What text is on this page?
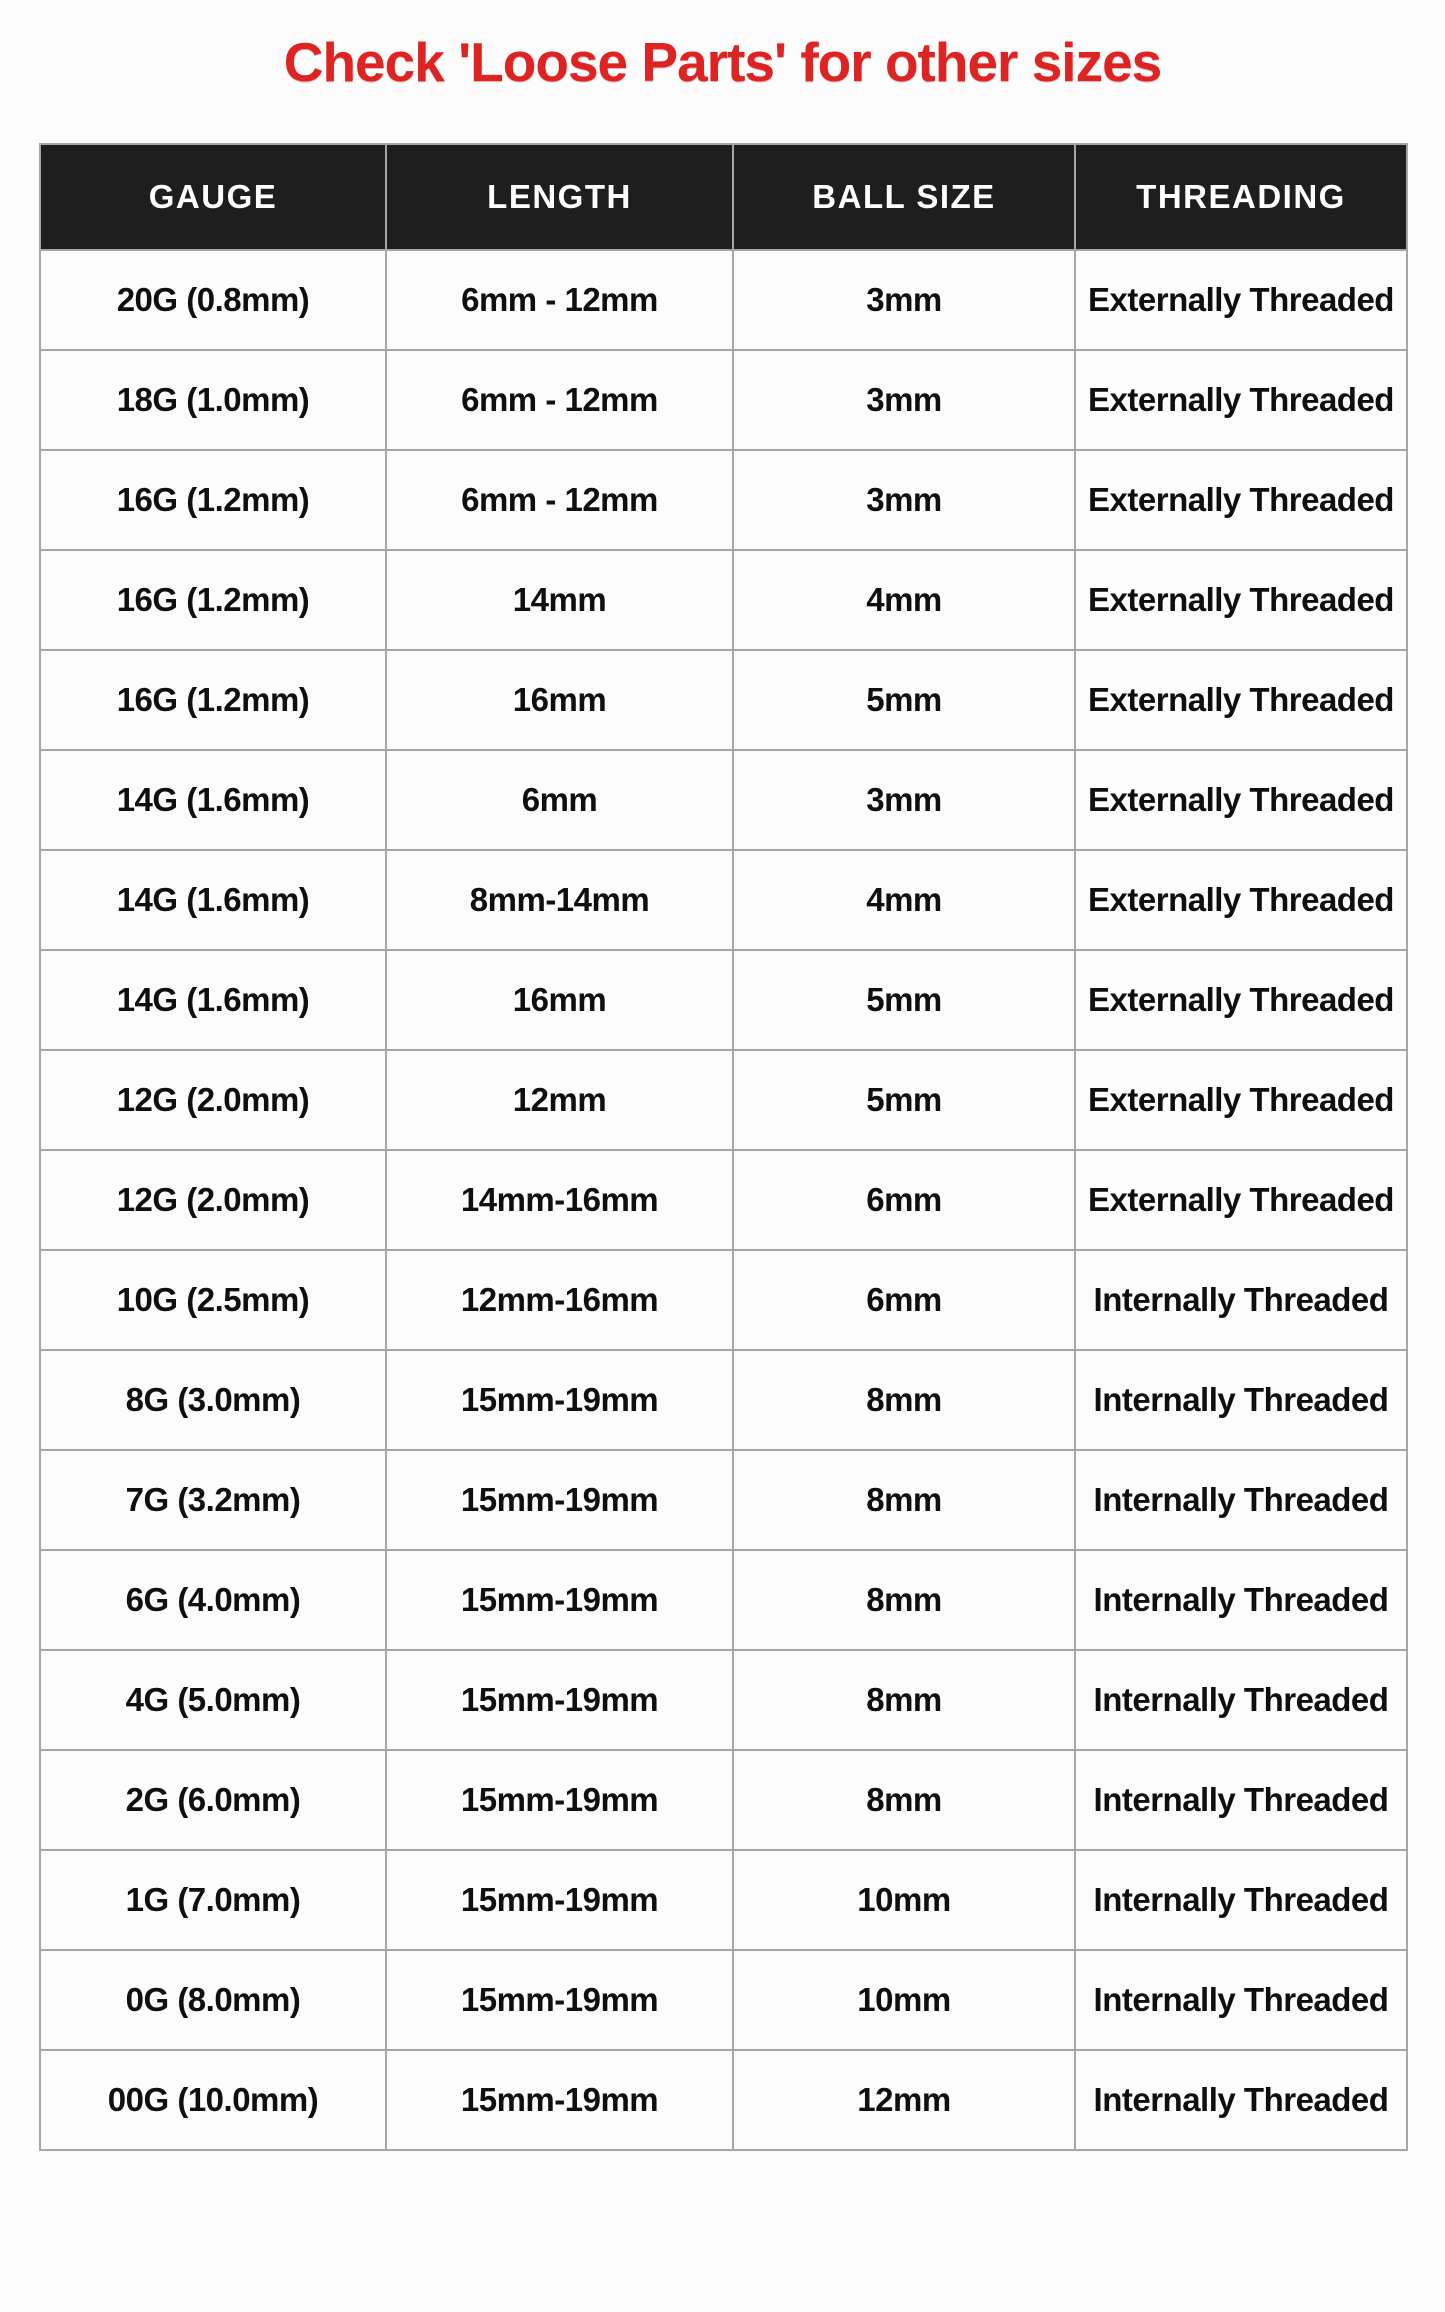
Check 'Loose Parts' for other sizes
GAUGE	LENGTH	BALL SIZE	THREADING
20G (0.8mm)	6mm - 12mm	3mm	Externally Threaded
18G (1.0mm)	6mm - 12mm	3mm	Externally Threaded
16G (1.2mm)	6mm - 12mm	3mm	Externally Threaded
16G (1.2mm)	14mm	4mm	Externally Threaded
16G (1.2mm)	16mm	5mm	Externally Threaded
14G (1.6mm)	6mm	3mm	Externally Threaded
14G (1.6mm)	8mm-14mm	4mm	Externally Threaded
14G (1.6mm)	16mm	5mm	Externally Threaded
12G (2.0mm)	12mm	5mm	Externally Threaded
12G (2.0mm)	14mm-16mm	6mm	Externally Threaded
10G (2.5mm)	12mm-16mm	6mm	Internally Threaded
8G (3.0mm)	15mm-19mm	8mm	Internally Threaded
7G (3.2mm)	15mm-19mm	8mm	Internally Threaded
6G (4.0mm)	15mm-19mm	8mm	Internally Threaded
4G (5.0mm)	15mm-19mm	8mm	Internally Threaded
2G (6.0mm)	15mm-19mm	8mm	Internally Threaded
1G (7.0mm)	15mm-19mm	10mm	Internally Threaded
0G (8.0mm)	15mm-19mm	10mm	Internally Threaded
00G (10.0mm)	15mm-19mm	12mm	Internally Threaded
